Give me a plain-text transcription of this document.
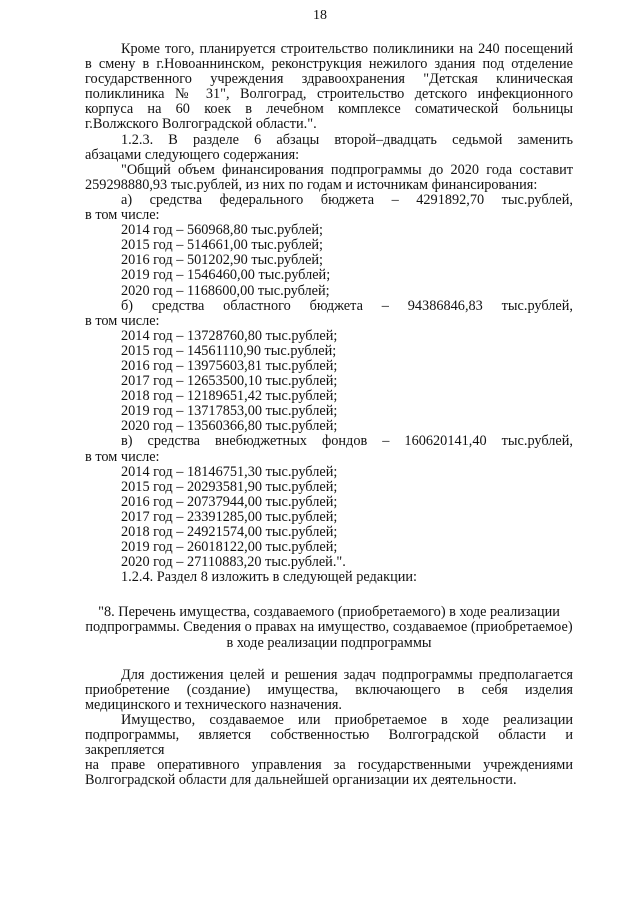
18

Кроме того, планируется строительство поликлиники на 240 посещений

в смену в г.Новоаннинском, реконструкция нежилого здания под отделение

государственного учреждения здравоохранения "Детская клиническая

поликлиника № 31", Волгоград, строительство детского инфекционного

корпуса на 60 коек в лечебном комплексе соматической больницы

г.Волжского Волгоградской области.".

1.2.3. В разделе 6 абзацы второй–двадцать седьмой заменить

абзацами следующего содержания:

"Общий объем финансирования подпрограммы до 2020 года составит

259298880,93 тыс.рублей, из них по годам и источникам финансирования:

а) средства федерального бюджета – 4291892,70 тыс.рублей,

в том числе:

2014 год – 560968,80 тыс.рублей;

2015 год – 514661,00 тыс.рублей;

2016 год – 501202,90 тыс.рублей;

2019 год – 1546460,00 тыс.рублей;

2020 год – 1168600,00 тыс.рублей;

б) средства областного бюджета – 94386846,83 тыс.рублей,

в том числе:

2014 год – 13728760,80 тыс.рублей;

2015 год – 14561110,90 тыс.рублей;

2016 год – 13975603,81 тыс.рублей;

2017 год – 12653500,10 тыс.рублей;

2018 год – 12189651,42 тыс.рублей;

2019 год – 13717853,00 тыс.рублей;

2020 год – 13560366,80 тыс.рублей;

в) средства внебюджетных фондов – 160620141,40 тыс.рублей,

в том числе:

2014 год – 18146751,30 тыс.рублей;

2015 год – 20293581,90 тыс.рублей;

2016 год – 20737944,00 тыс.рублей;

2017 год – 23391285,00 тыс.рублей;

2018 год – 24921574,00 тыс.рублей;

2019 год – 26018122,00 тыс.рублей;

2020 год – 27110883,20 тыс.рублей.".

1.2.4. Раздел 8 изложить в следующей редакции:

"8. Перечень имущества, создаваемого (приобретаемого) в ходе реализации

подпрограммы. Сведения о правах на имущество, создаваемое (приобретаемое)

в ходе реализации подпрограммы

Для достижения целей и решения задач подпрограммы предполагается

приобретение (создание) имущества, включающего в себя изделия

медицинского и технического назначения.

Имущество, создаваемое или приобретаемое в ходе реализации

подпрограммы, является собственностью Волгоградской области и закрепляется

на праве оперативного управления за государственными учреждениями

Волгоградской области для дальнейшей организации их деятельности.
